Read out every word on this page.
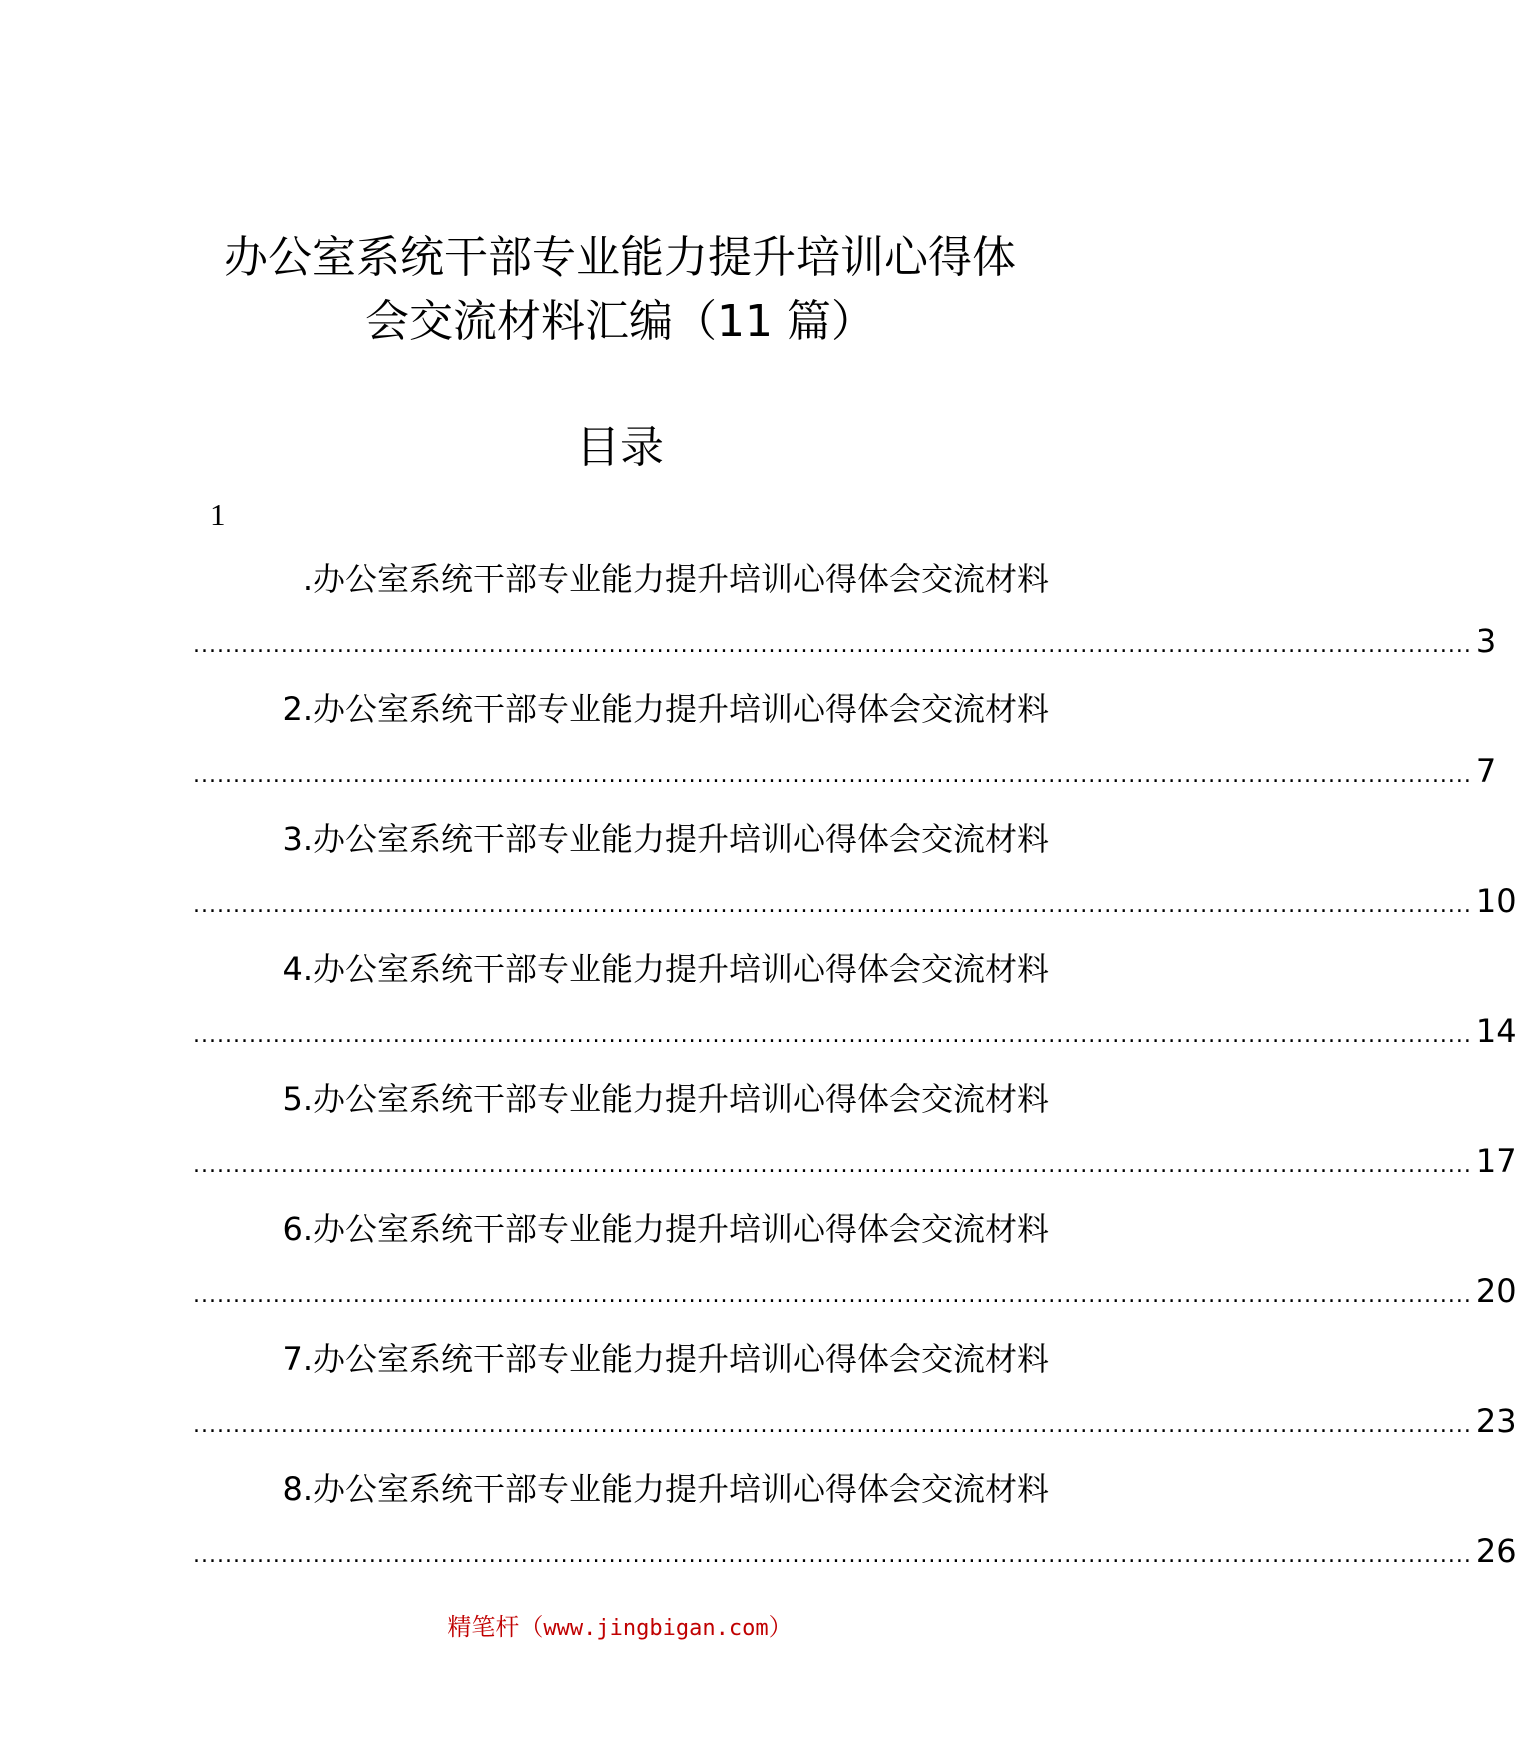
办公室系统干部专业能力提升培训心得体
会交流材料汇编（11 篇）
目录
1
.办公室系统干部专业能力提升培训心得体会交流材料
................................................................................................................................................................ 3
2.办公室系统干部专业能力提升培训心得体会交流材料
................................................................................................................................................................ 7
3.办公室系统干部专业能力提升培训心得体会交流材料
................................................................................................................................................................ 10
4.办公室系统干部专业能力提升培训心得体会交流材料
................................................................................................................................................................ 14
5.办公室系统干部专业能力提升培训心得体会交流材料
................................................................................................................................................................ 17
6.办公室系统干部专业能力提升培训心得体会交流材料
................................................................................................................................................................ 20
7.办公室系统干部专业能力提升培训心得体会交流材料
................................................................................................................................................................ 23
8.办公室系统干部专业能力提升培训心得体会交流材料
................................................................................................................................................................ 26
精笔杆（www.jingbigan.com）
